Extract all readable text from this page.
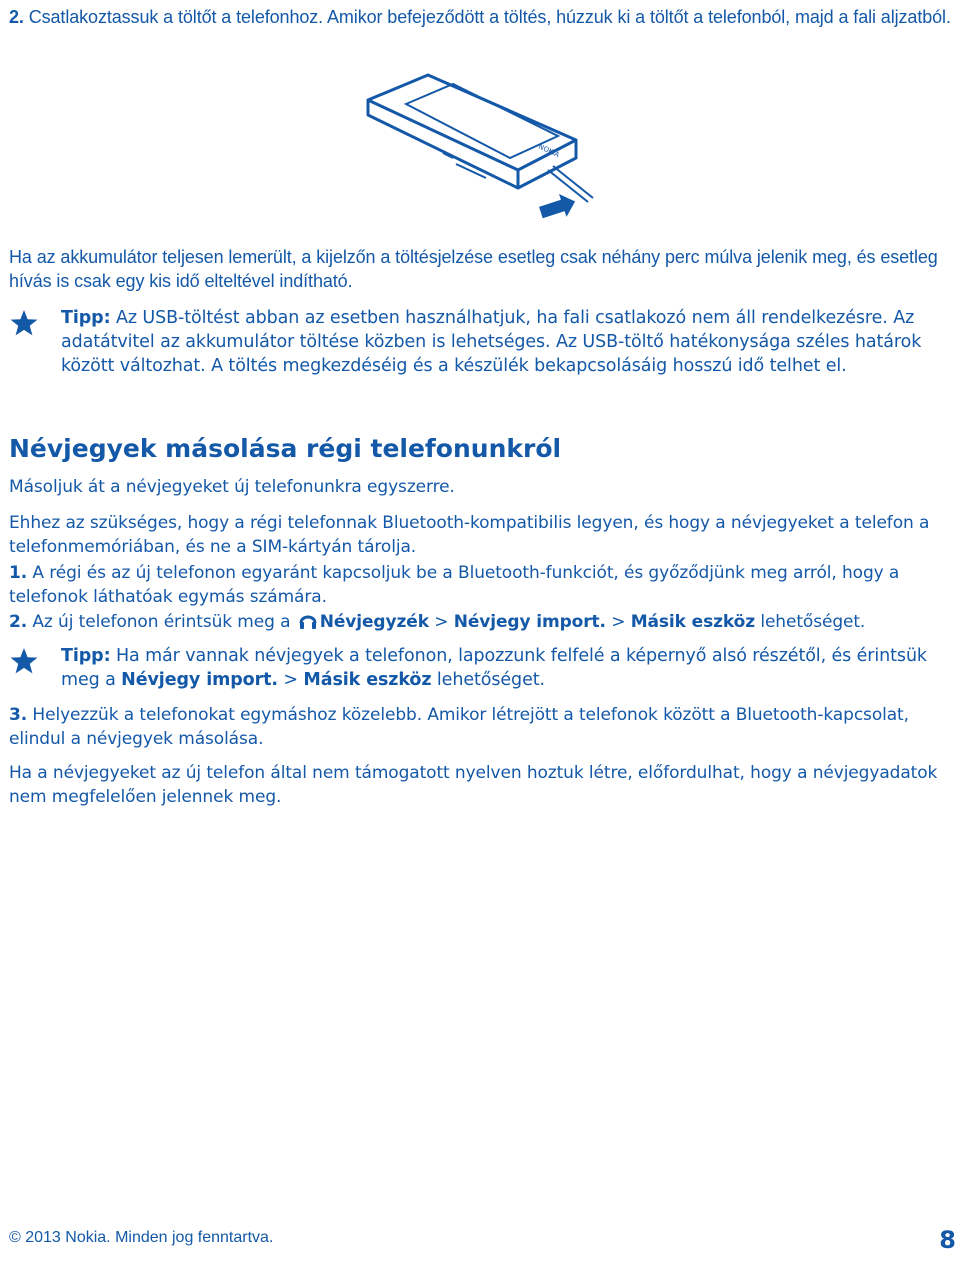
2. Csatlakoztassuk a töltőt a telefonhoz. Amikor befejeződött a töltés, húzzuk ki a töltőt a telefonból, majd a fali aljzatból.

NOKIA

Ha az akkumulátor teljesen lemerült, a kijelzőn a töltésjelzése esetleg csak néhány perc múlva jelenik meg, és esetleg hívás is csak egy kis idő elteltével indítható.

Tipp: Az USB-töltést abban az esetben használhatjuk, ha fali csatlakozó nem áll rendelkezésre. Az adatátvitel az akkumulátor töltése közben is lehetséges. Az USB-töltő hatékonysága széles határok között változhat. A töltés megkezdéséig és a készülék bekapcsolásáig hosszú idő telhet el.

Névjegyek másolása régi telefonunkról

Másoljuk át a névjegyeket új telefonunkra egyszerre.

Ehhez az szükséges, hogy a régi telefonnak Bluetooth-kompatibilis legyen, és hogy a névjegyeket a telefon a telefonmemóriában, és ne a SIM-kártyán tárolja.

1. A régi és az új telefonon egyaránt kapcsoljuk be a Bluetooth-funkciót, és győződjünk meg arról, hogy a telefonok láthatóak egymás számára.

2. Az új telefonon érintsük meg a Névjegyzék > Névjegy import. > Másik eszköz lehetőséget.

Tipp: Ha már vannak névjegyek a telefonon, lapozzunk felfelé a képernyő alsó részétől, és érintsük meg a Névjegy import. > Másik eszköz lehetőséget.

3. Helyezzük a telefonokat egymáshoz közelebb. Amikor létrejött a telefonok között a Bluetooth-kapcsolat, elindul a névjegyek másolása.

Ha a névjegyeket az új telefon által nem támogatott nyelven hoztuk létre, előfordulhat, hogy a névjegyadatok nem megfelelően jelennek meg.

© 2013 Nokia. Minden jog fenntartva.	8
